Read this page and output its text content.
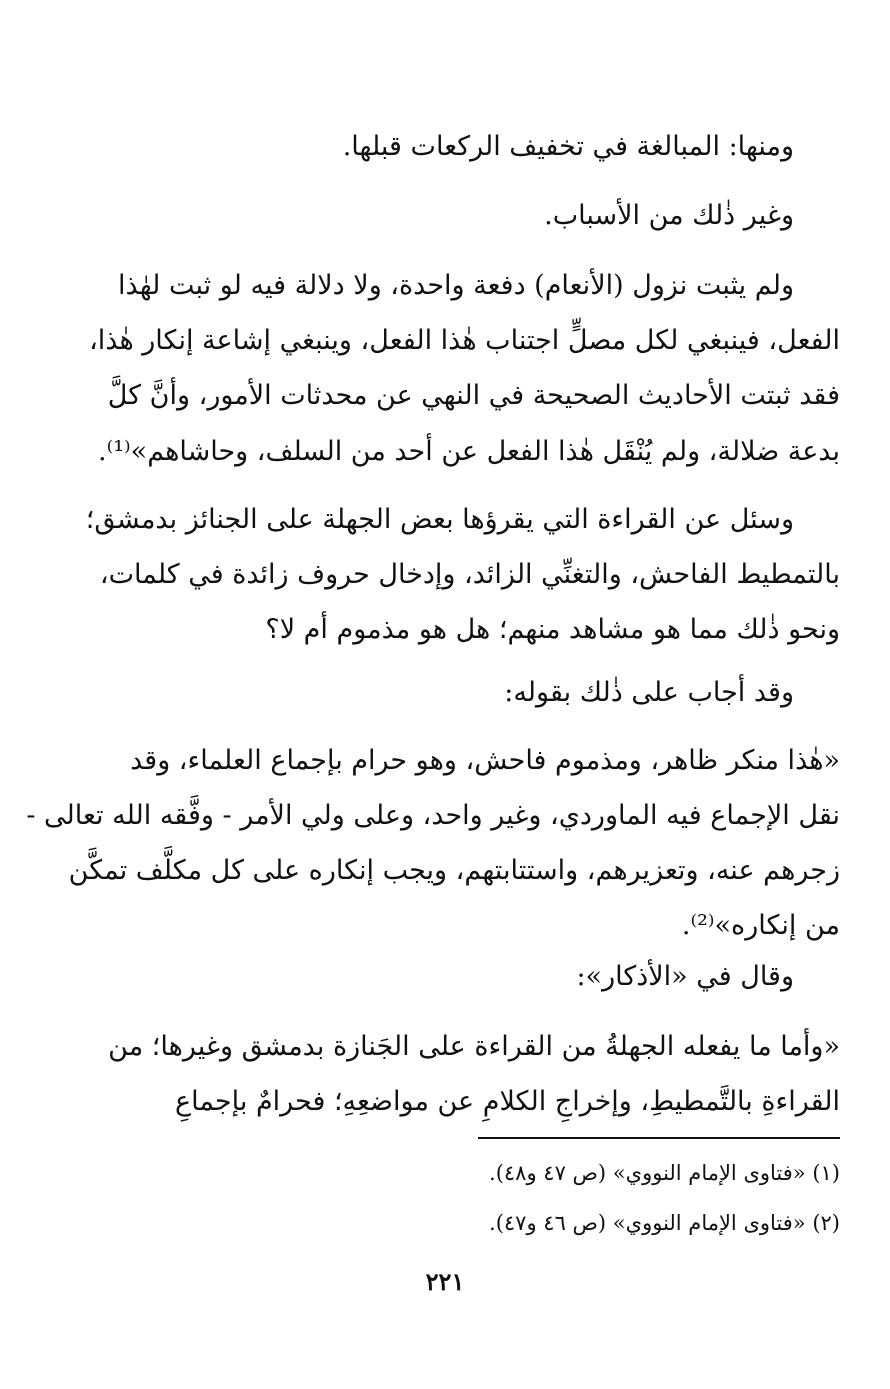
ومنها: المبالغة في تخفيف الركعات قبلها.
وغير ذٰلك من الأسباب.
ولم يثبت نزول (الأنعام) دفعة واحدة، ولا دلالة فيه لو ثبت لهٰذا
الفعل، فينبغي لكل مصلٍّ اجتناب هٰذا الفعل، وينبغي إشاعة إنكار هٰذا،
فقد ثبتت الأحاديث الصحيحة في النهي عن محدثات الأمور، وأنَّ كلَّ
بدعة ضلالة، ولم يُنْقَل هٰذا الفعل عن أحد من السلف، وحاشاهم»⁽¹⁾.
وسئل عن القراءة التي يقرؤها بعض الجهلة على الجنائز بدمشق؛
بالتمطيط الفاحش، والتغنِّي الزائد، وإدخال حروف زائدة في كلمات،
ونحو ذٰلك مما هو مشاهد منهم؛ هل هو مذموم أم لا؟
وقد أجاب على ذٰلك بقوله:
«هٰذا منكر ظاهر، ومذموم فاحش، وهو حرام بإجماع العلماء، وقد
نقل الإجماع فيه الماوردي، وغير واحد، وعلى ولي الأمر - وفَّقه الله تعالى -
زجرهم عنه، وتعزيرهم، واستتابتهم، ويجب إنكاره على كل مكلَّف تمكَّن
من إنكاره»⁽²⁾.
وقال في «الأذكار»:
«وأما ما يفعله الجهلةُ من القراءة على الجَنازة بدمشق وغيرها؛ من
القراءةِ بالتَّمطيطِ، وإخراجِ الكلامِ عن مواضعِهِ؛ فحرامٌ بإجماعِ
(١) «فتاوى الإمام النووي» (ص ٤٧ و٤٨).
(٢) «فتاوى الإمام النووي» (ص ٤٦ و٤٧).
٢٢١
